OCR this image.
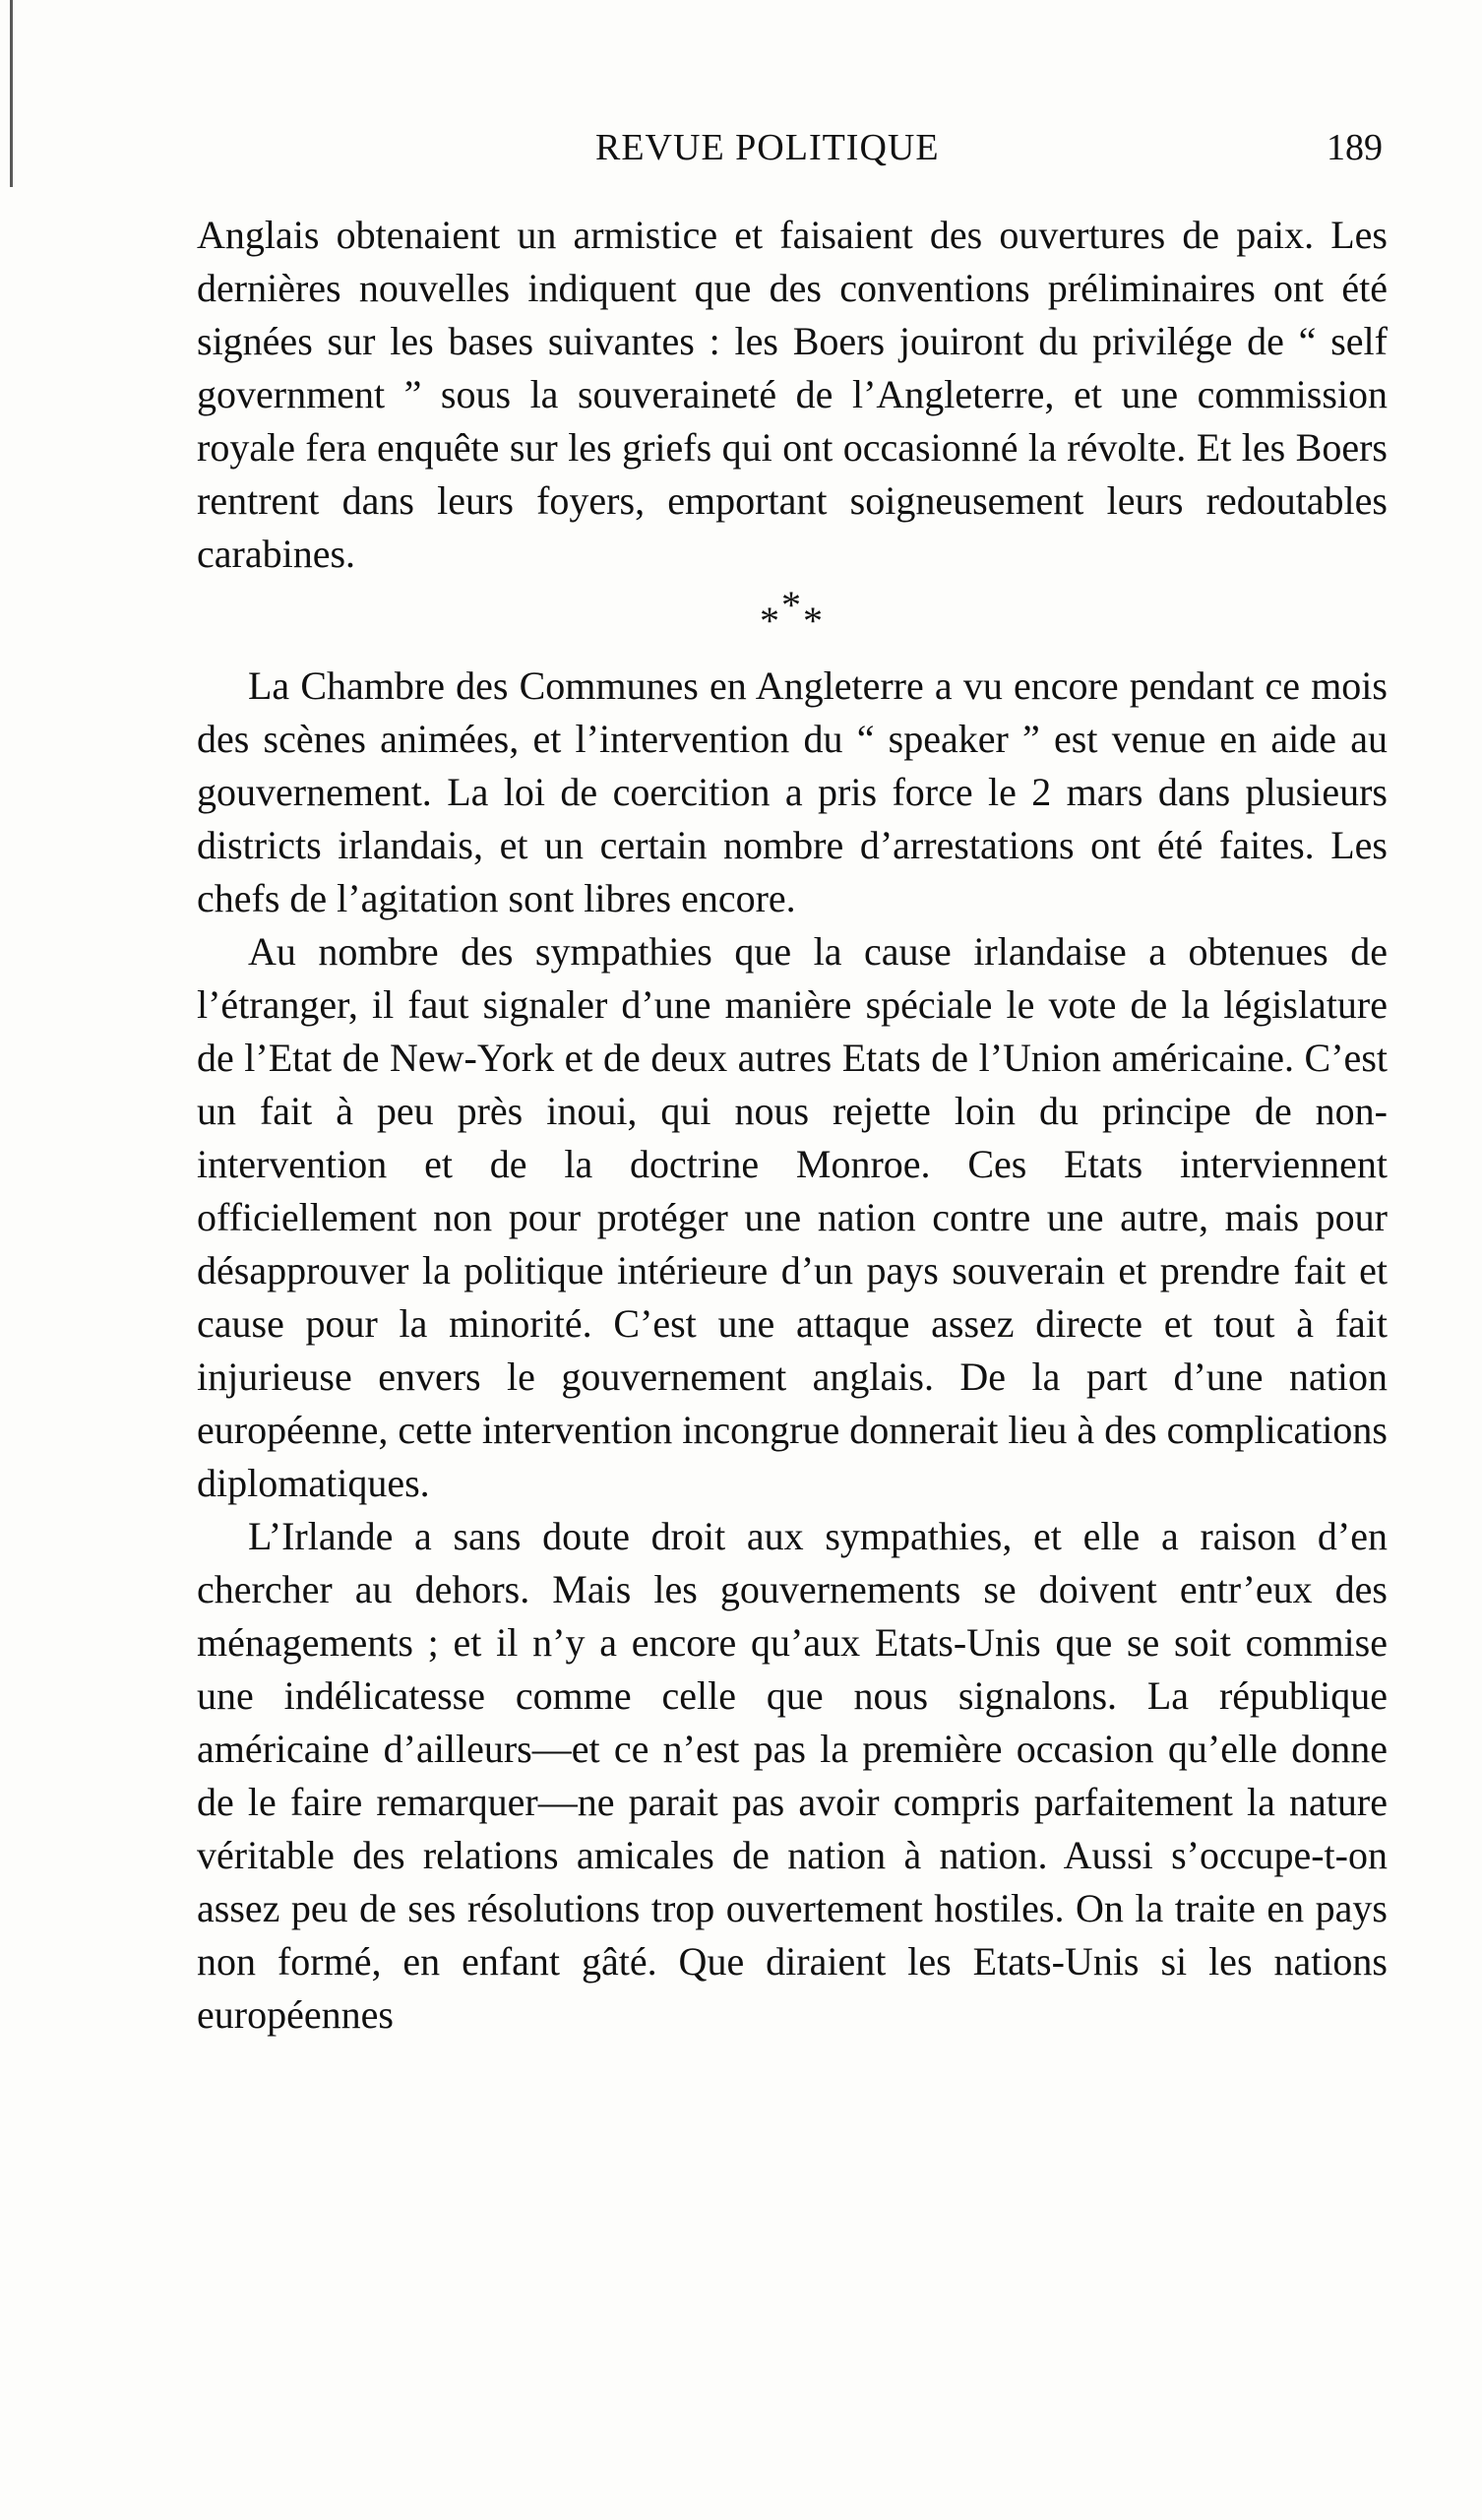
REVUE POLITIQUE	189

Anglais obtenaient un armistice et faisaient des ouvertures de paix. Les dernières nouvelles indiquent que des conventions préliminaires ont été signées sur les bases suivantes : les Boers jouiront du privilége de “ self government ” sous la souveraineté de l’Angleterre, et une commission royale fera enquête sur les griefs qui ont occasionné la révolte. Et les Boers rentrent dans leurs foyers, emportant soigneusement leurs redoutables carabines.

***

La Chambre des Communes en Angleterre a vu encore pendant ce mois des scènes animées, et l’intervention du “ speaker ” est venue en aide au gouvernement. La loi de coercition a pris force le 2 mars dans plusieurs districts irlandais, et un certain nombre d’arrestations ont été faites. Les chefs de l’agitation sont libres encore.

Au nombre des sympathies que la cause irlandaise a obtenues de l’étranger, il faut signaler d’une manière spéciale le vote de la législature de l’Etat de New-York et de deux autres Etats de l’Union américaine. C’est un fait à peu près inoui, qui nous rejette loin du principe de non-intervention et de la doctrine Monroe. Ces Etats interviennent officiellement non pour protéger une nation contre une autre, mais pour désapprouver la politique intérieure d’un pays souverain et prendre fait et cause pour la minorité. C’est une attaque assez directe et tout à fait injurieuse envers le gouvernement anglais. De la part d’une nation européenne, cette intervention incongrue donnerait lieu à des complications diplomatiques.

L’Irlande a sans doute droit aux sympathies, et elle a raison d’en chercher au dehors. Mais les gouvernements se doivent entr’eux des ménagements ; et il n’y a encore qu’aux Etats-Unis que se soit commise une indélicatesse comme celle que nous signalons. La république américaine d’ailleurs—et ce n’est pas la première occasion qu’elle donne de le faire remarquer—ne parait pas avoir compris parfaitement la nature véritable des relations amicales de nation à nation. Aussi s’occupe-t-on assez peu de ses résolutions trop ouvertement hostiles. On la traite en pays non formé, en enfant gâté. Que diraient les Etats-Unis si les nations européennes
